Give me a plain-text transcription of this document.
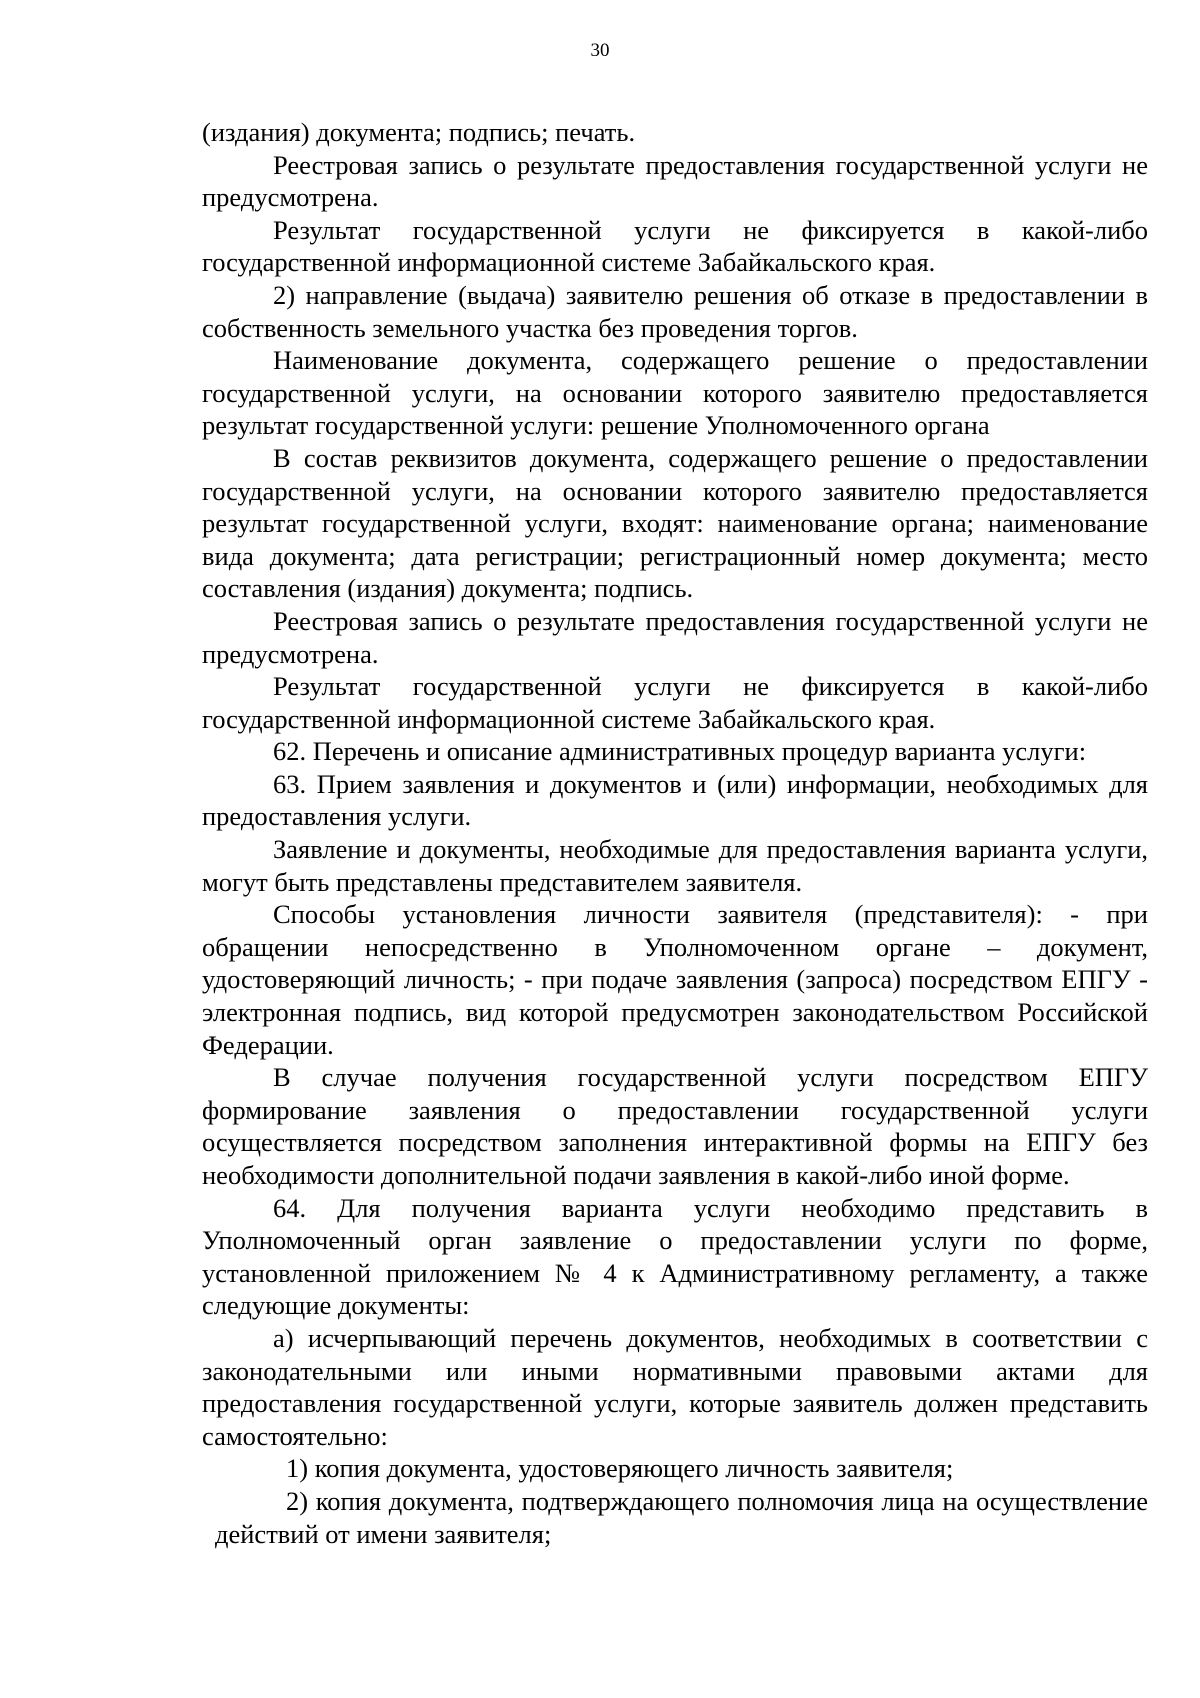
30

(издания) документа; подпись; печать.

Реестровая запись о результате предоставления государственной услуги не предусмотрена.

Результат государственной услуги не фиксируется в какой-либо государственной информационной системе Забайкальского края.

2) направление (выдача) заявителю решения об отказе в предоставлении в собственность земельного участка без проведения торгов.

Наименование документа, содержащего решение о предоставлении государственной услуги, на основании которого заявителю предоставляется результат государственной услуги: решение Уполномоченного органа

В состав реквизитов документа, содержащего решение о предоставлении государственной услуги, на основании которого заявителю предоставляется результат государственной услуги, входят: наименование органа; наименование вида документа; дата регистрации; регистрационный номер документа; место составления (издания) документа; подпись.

Реестровая запись о результате предоставления государственной услуги не предусмотрена.

Результат государственной услуги не фиксируется в какой-либо государственной информационной системе Забайкальского края.

62. Перечень и описание административных процедур варианта услуги:

63. Прием заявления и документов и (или) информации, необходимых для предоставления услуги.

Заявление и документы, необходимые для предоставления варианта услуги, могут быть представлены представителем заявителя.

Способы установления личности заявителя (представителя): - при обращении непосредственно в Уполномоченном органе – документ, удостоверяющий личность; - при подаче заявления (запроса) посредством ЕПГУ - электронная подпись, вид которой предусмотрен законодательством Российской Федерации.

В случае получения государственной услуги посредством ЕПГУ формирование заявления о предоставлении государственной услуги осуществляется посредством заполнения интерактивной формы на ЕПГУ без необходимости дополнительной подачи заявления в какой-либо иной форме.

64. Для получения варианта услуги необходимо представить в Уполномоченный орган заявление о предоставлении услуги по форме, установленной приложением № 4 к Административному регламенту, а также следующие документы:

а) исчерпывающий перечень документов, необходимых в соответствии с законодательными или иными нормативными правовыми актами для предоставления государственной услуги, которые заявитель должен представить самостоятельно:

1) копия документа, удостоверяющего личность заявителя;

2) копия документа, подтверждающего полномочия лица на осуществление действий от имени заявителя;
